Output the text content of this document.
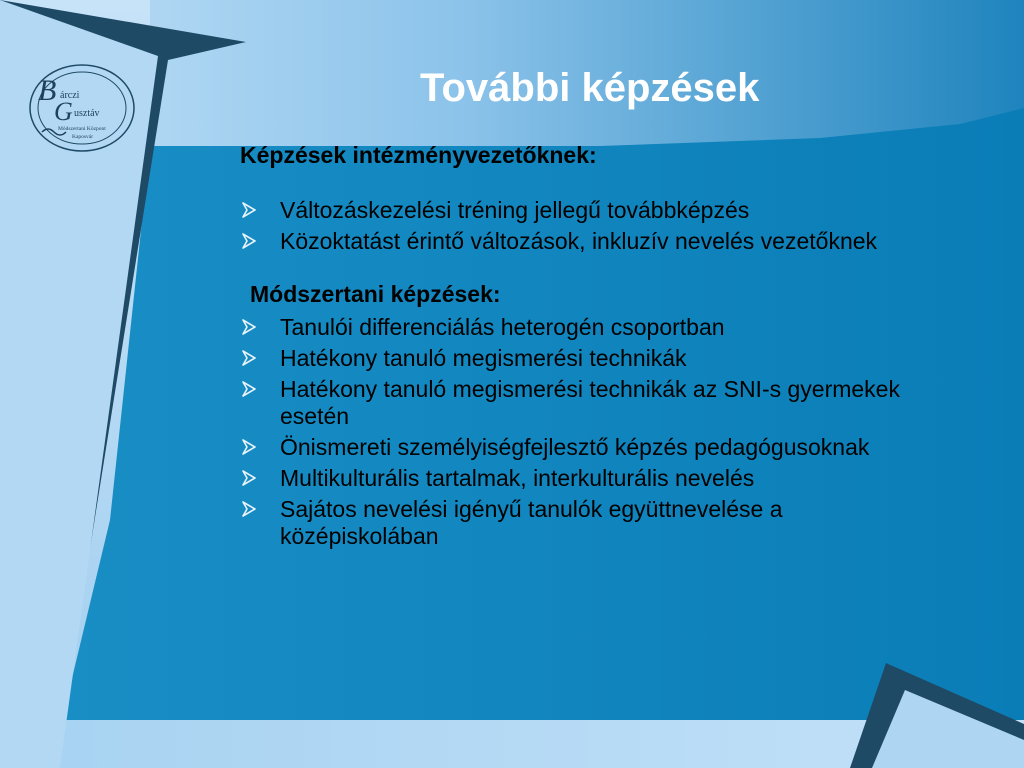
B árczi
G usztáv
Módszertani Központ
Kaposvár
További képzések

Képzések intézményvezetőknek:

Változáskezelési tréning jellegű továbbképzés
Közoktatást érintő változások, inkluzív nevelés vezetőknek

Módszertani képzések:

Tanulói differenciálás heterogén csoportban
Hatékony tanuló megismerési technikák
Hatékony tanuló megismerési technikák az SNI-s gyermekek esetén
Önismereti személyiségfejlesztő képzés pedagógusoknak
Multikulturális tartalmak, interkulturális nevelés
Sajátos nevelési igényű tanulók együttnevelése a középiskolában
